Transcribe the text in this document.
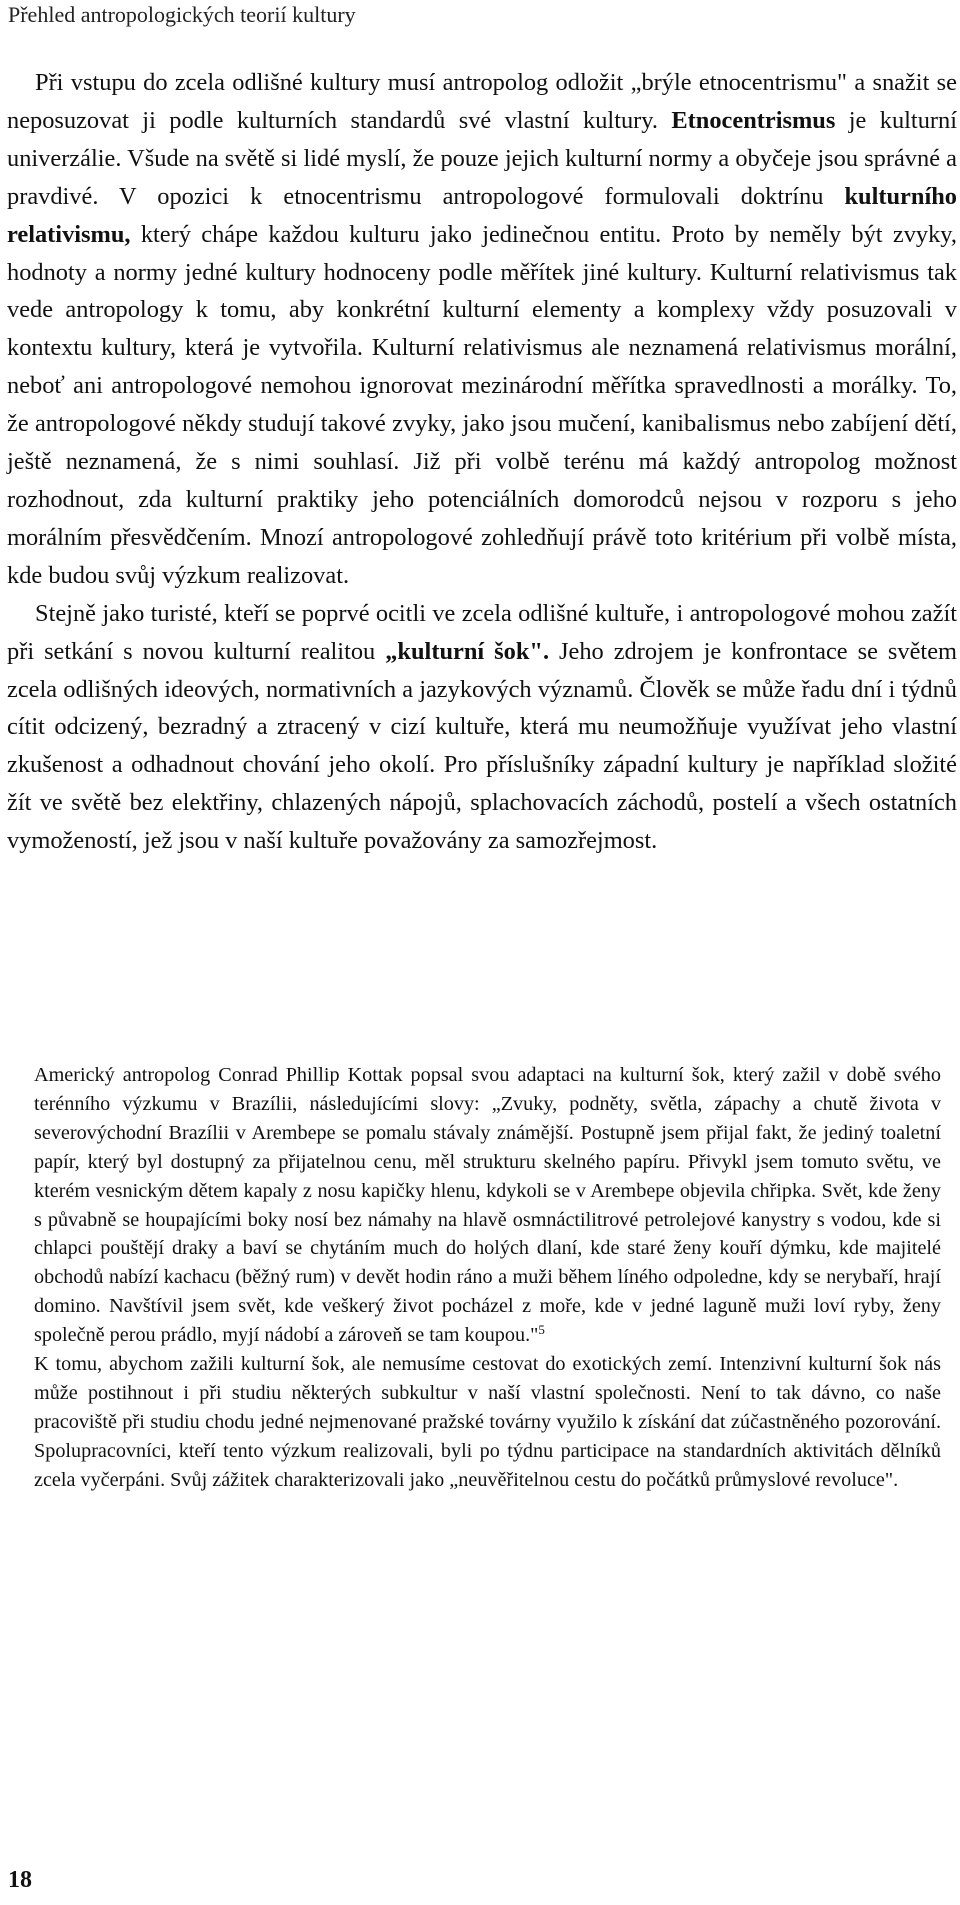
Přehled antropologických teorií kultury

Při vstupu do zcela odlišné kultury musí antropolog odložit „brýle etnocentrismu" a snažit se neposuzovat ji podle kulturních standardů své vlastní kultury. Etnocentrismus je kulturní univerzálie. Všude na světě si lidé myslí, že pouze jejich kulturní normy a obyčeje jsou správné a pravdivé. V opozici k etnocentrismu antropologové formulovali doktrínu kulturního relativismu, který chápe každou kulturu jako jedinečnou entitu. Proto by neměly být zvyky, hodnoty a normy jedné kultury hodnoceny podle měřítek jiné kultury. Kulturní relativismus tak vede antropology k tomu, aby konkrétní kulturní elementy a komplexy vždy posuzovali v kontextu kultury, která je vytvořila. Kulturní relativismus ale neznamená relativismus morální, neboť ani antropologové nemohou ignorovat mezinárodní měřítka spravedlnosti a morálky. To, že antropologové někdy studují takové zvyky, jako jsou mučení, kanibalismus nebo zabíjení dětí, ještě neznamená, že s nimi souhlasí. Již při volbě terénu má každý antropolog možnost rozhodnout, zda kulturní praktiky jeho potenciálních domorodců nejsou v rozporu s jeho morálním přesvědčením. Mnozí antropologové zohledňují právě toto kritérium při volbě místa, kde budou svůj výzkum realizovat.

Stejně jako turisté, kteří se poprvé ocitli ve zcela odlišné kultuře, i antropologové mohou zažít při setkání s novou kulturní realitou „kulturní šok". Jeho zdrojem je konfrontace se světem zcela odlišných ideových, normativních a jazykových významů. Člověk se může řadu dní i týdnů cítit odcizený, bezradný a ztracený v cizí kultuře, která mu neumožňuje využívat jeho vlastní zkušenost a odhadnout chování jeho okolí. Pro příslušníky západní kultury je například složité žít ve světě bez elektřiny, chlazených nápojů, splachovacích záchodů, postelí a všech ostatních vymožeností, jež jsou v naší kultuře považovány za samozřejmost.

Americký antropolog Conrad Phillip Kottak popsal svou adaptaci na kulturní šok, který zažil v době svého terénního výzkumu v Brazílii, následujícími slovy: „Zvuky, podněty, světla, zápachy a chutě života v severovýchodní Brazílii v Arembepe se pomalu stávaly známější. Postupně jsem přijal fakt, že jediný toaletní papír, který byl dostupný za přijatelnou cenu, měl strukturu skelného papíru. Přivykl jsem tomuto světu, ve kterém vesnickým dětem kapaly z nosu kapičky hlenu, kdykoli se v Arembepe objevila chřipka. Svět, kde ženy s půvabně se houpajícími boky nosí bez námahy na hlavě osmnáctilitrové petrolejové kanystry s vodou, kde si chlapci pouštějí draky a baví se chytáním much do holých dlaní, kde staré ženy kouří dýmku, kde majitelé obchodů nabízí kachacu (běžný rum) v devět hodin ráno a muži během líného odpoledne, kdy se nerybaří, hrají domino. Navštívil jsem svět, kde veškerý život pocházel z moře, kde v jedné laguně muži loví ryby, ženy společně perou prádlo, myjí nádobí a zároveň se tam koupou."$^5$

K tomu, abychom zažili kulturní šok, ale nemusíme cestovat do exotických zemí. Intenzivní kulturní šok nás může postihnout i při studiu některých subkultur v naší vlastní společnosti. Není to tak dávno, co naše pracoviště při studiu chodu jedné nejmenované pražské továrny využilo k získání dat zúčastněného pozorování. Spolupracovníci, kteří tento výzkum realizovali, byli po týdnu participace na standardních aktivitách dělníků zcela vyčerpáni. Svůj zážitek charakterizovali jako „neuvěřitelnou cestu do počátků průmyslové revoluce".

18
